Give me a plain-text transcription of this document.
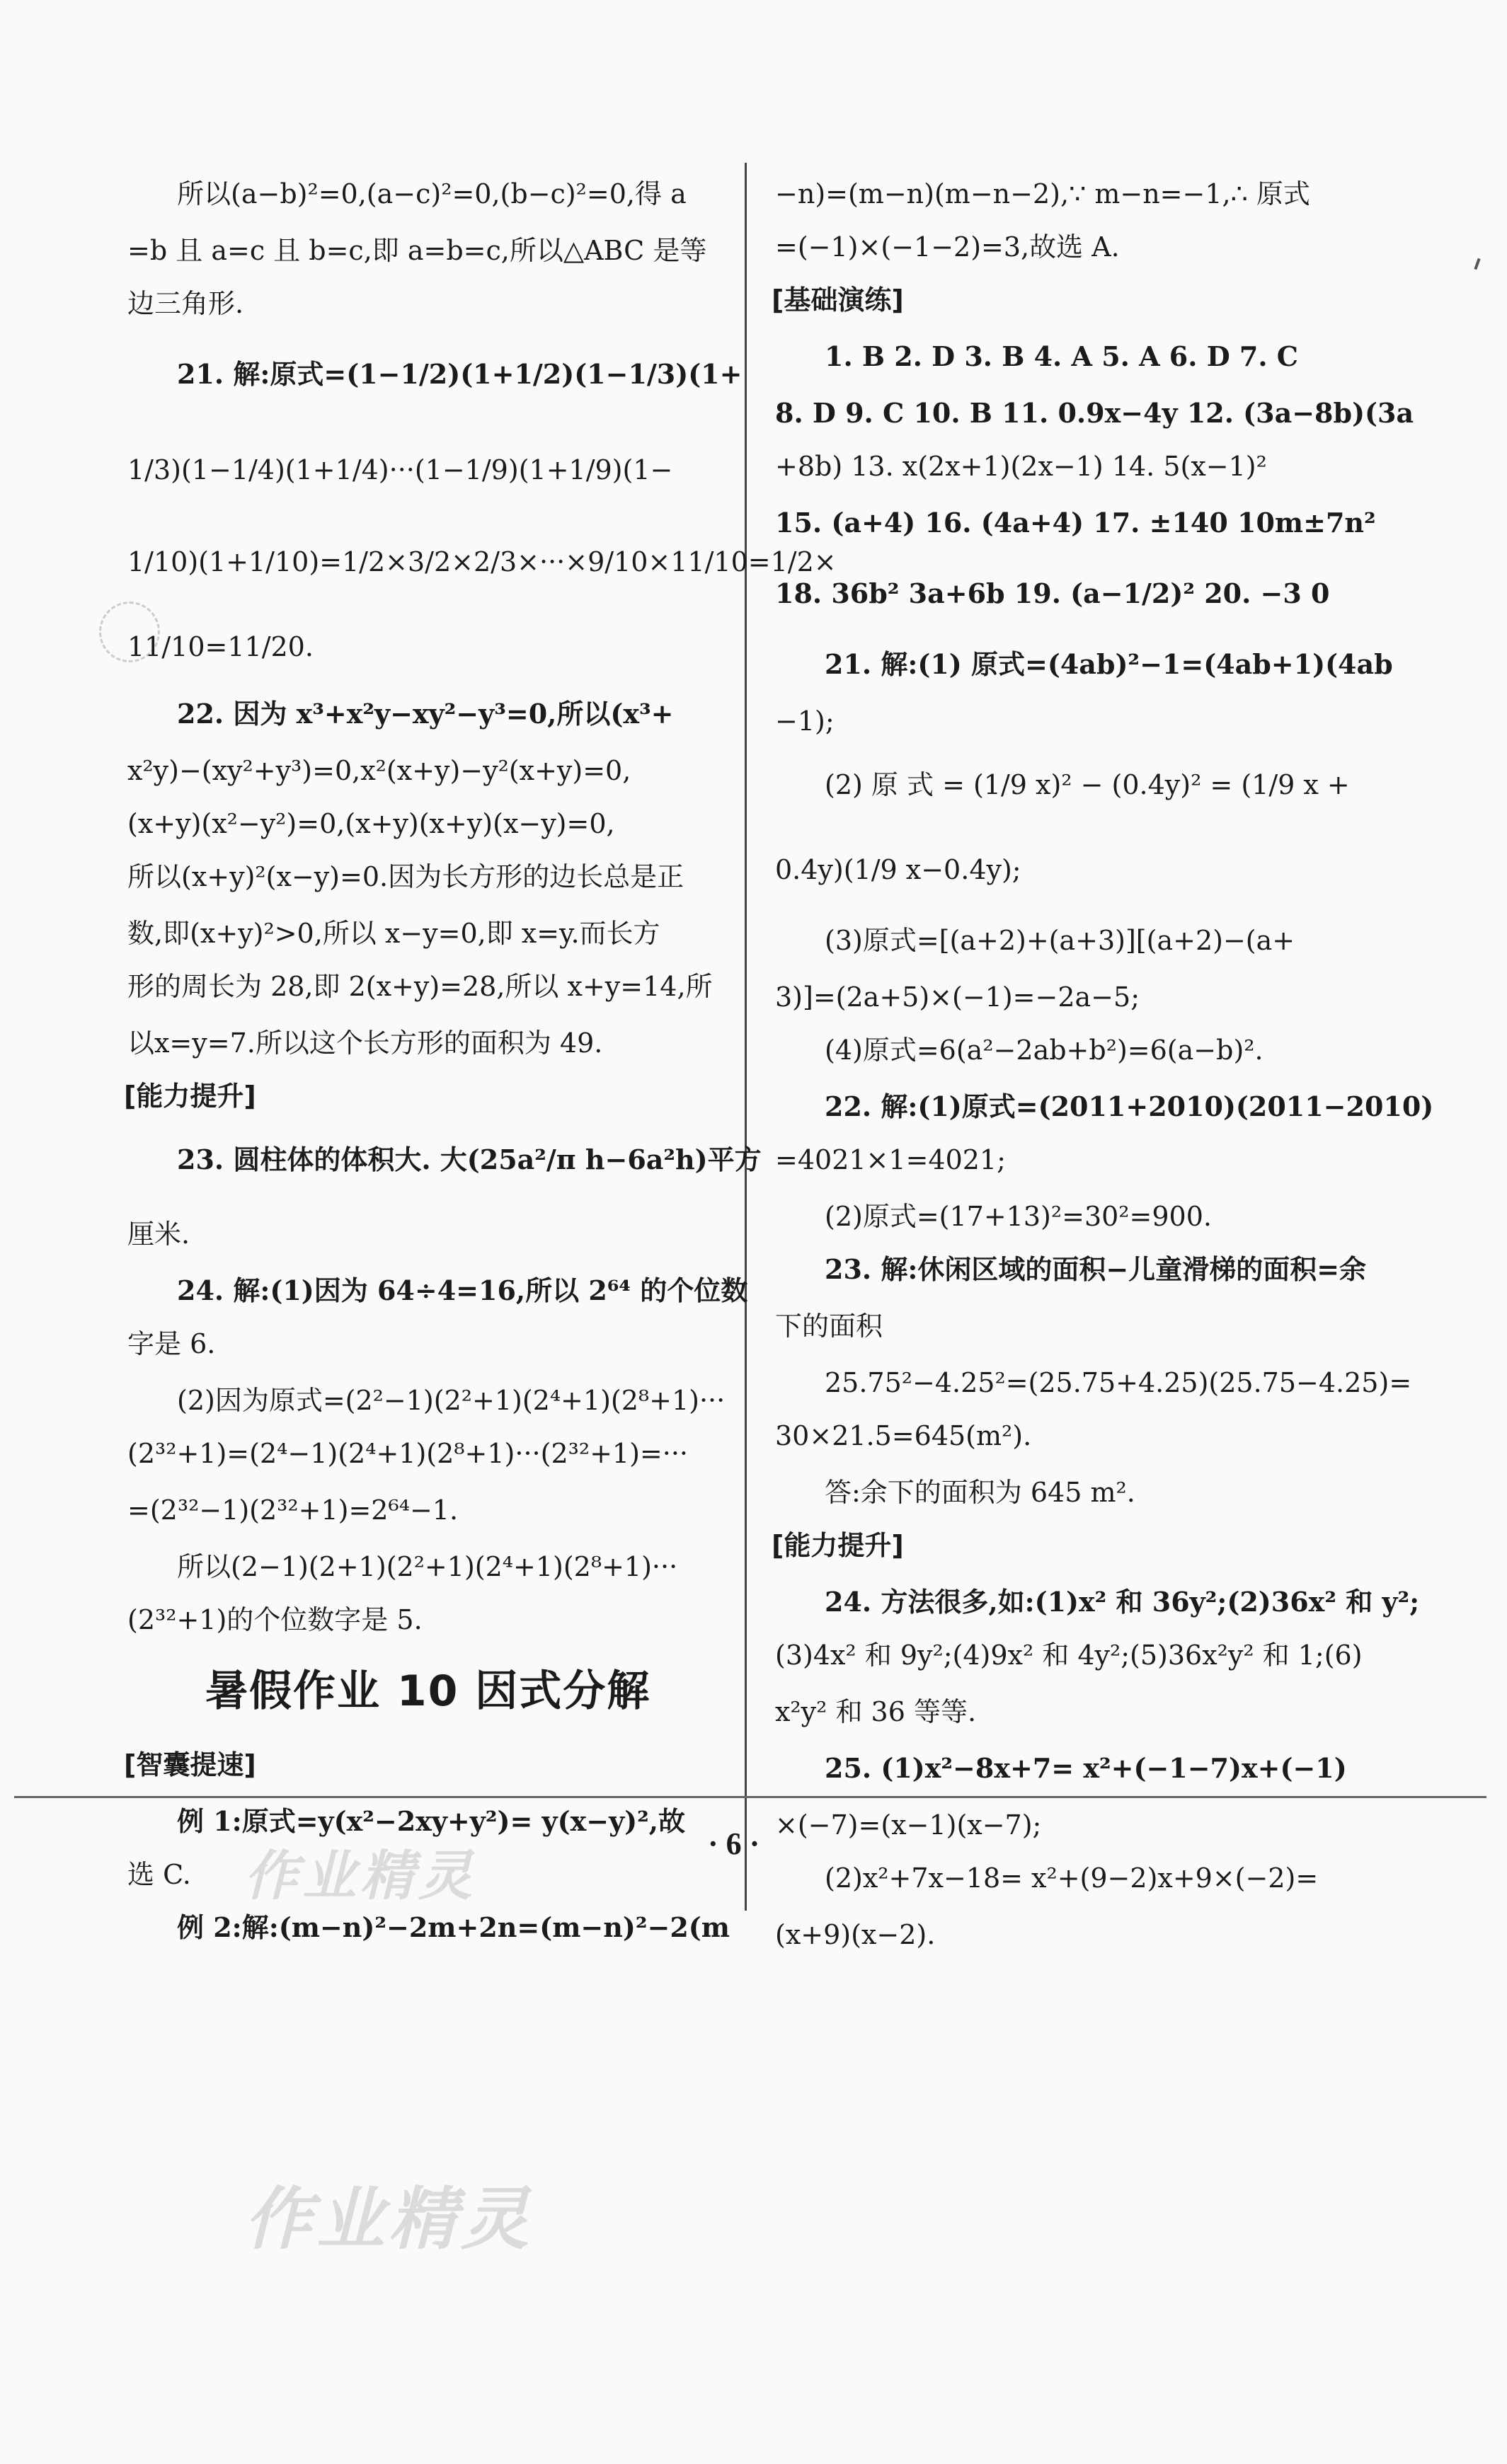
所以(a−b)²=0,(a−c)²=0,(b−c)²=0,得 a
=b 且 a=c 且 b=c,即 a=b=c,所以△ABC 是等
边三角形.
21. 解:原式=(1−1/2)(1+1/2)(1−1/3)(1+
1/3)(1−1/4)(1+1/4)···(1−1/9)(1+1/9)(1−
1/10)(1+1/10)=1/2×3/2×2/3×···×9/10×11/10=1/2×
11/10=11/20.
22. 因为 x³+x²y−xy²−y³=0,所以(x³+
x²y)−(xy²+y³)=0,x²(x+y)−y²(x+y)=0,
(x+y)(x²−y²)=0,(x+y)(x+y)(x−y)=0,
所以(x+y)²(x−y)=0.因为长方形的边长总是正
数,即(x+y)²>0,所以 x−y=0,即 x=y.而长方
形的周长为 28,即 2(x+y)=28,所以 x+y=14,所
以x=y=7.所以这个长方形的面积为 49.
[能力提升]
23. 圆柱体的体积大. 大(25a²/π h−6a²h)平方
厘米.
24. 解:(1)因为 64÷4=16,所以 2⁶⁴ 的个位数
字是 6.
(2)因为原式=(2²−1)(2²+1)(2⁴+1)(2⁸+1)···
(2³²+1)=(2⁴−1)(2⁴+1)(2⁸+1)···(2³²+1)=···
=(2³²−1)(2³²+1)=2⁶⁴−1.
所以(2−1)(2+1)(2²+1)(2⁴+1)(2⁸+1)···
(2³²+1)的个位数字是 5.
暑假作业 10 因式分解
[智囊提速]
例 1:原式=y(x²−2xy+y²)= y(x−y)²,故
选 C.
例 2:解:(m−n)²−2m+2n=(m−n)²−2(m
−n)=(m−n)(m−n−2),∵ m−n=−1,∴ 原式
=(−1)×(−1−2)=3,故选 A.
[基础演练]
1. B 2. D 3. B 4. A 5. A 6. D 7. C
8. D 9. C 10. B 11. 0.9x−4y 12. (3a−8b)(3a
+8b) 13. x(2x+1)(2x−1) 14. 5(x−1)²
15. (a+4) 16. (4a+4) 17. ±140 10m±7n²
18. 36b² 3a+6b 19. (a−1/2)² 20. −3 0
21. 解:(1) 原式=(4ab)²−1=(4ab+1)(4ab
−1);
(2) 原 式 = (1/9 x)² − (0.4y)² = (1/9 x +
0.4y)(1/9 x−0.4y);
(3)原式=[(a+2)+(a+3)][(a+2)−(a+
3)]=(2a+5)×(−1)=−2a−5;
(4)原式=6(a²−2ab+b²)=6(a−b)².
22. 解:(1)原式=(2011+2010)(2011−2010)
=4021×1=4021;
(2)原式=(17+13)²=30²=900.
23. 解:休闲区域的面积−儿童滑梯的面积=余
下的面积
25.75²−4.25²=(25.75+4.25)(25.75−4.25)=
30×21.5=645(m²).
答:余下的面积为 645 m².
[能力提升]
24. 方法很多,如:(1)x² 和 36y²;(2)36x² 和 y²;
(3)4x² 和 9y²;(4)9x² 和 4y²;(5)36x²y² 和 1;(6)
x²y² 和 36 等等.
25. (1)x²−8x+7= x²+(−1−7)x+(−1)
×(−7)=(x−1)(x−7);
(2)x²+7x−18= x²+(9−2)x+9×(−2)=
(x+9)(x−2).
· 6 ·
作业精灵
作业精灵
